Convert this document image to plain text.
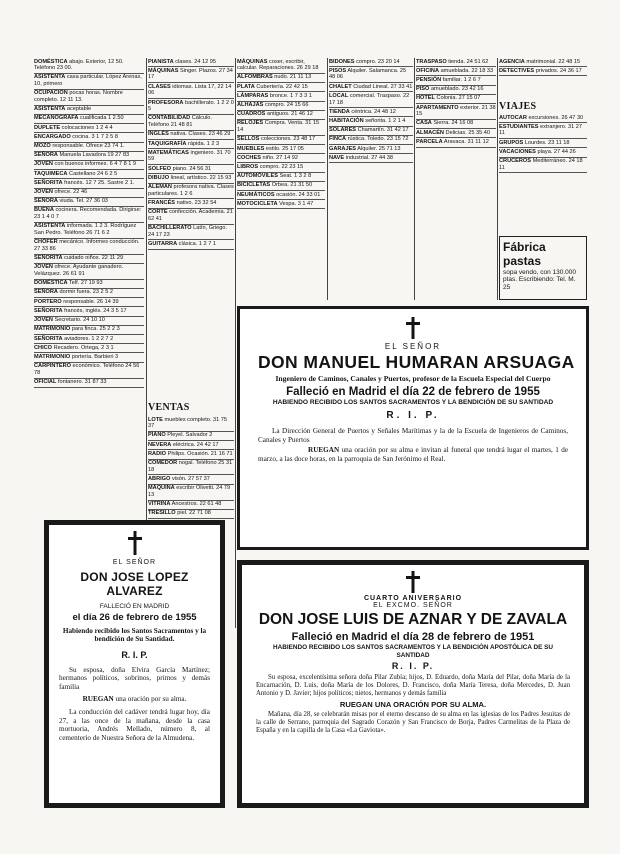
DOMÉSTICA abajo. Exterior, 12 50. Teléfono 23 00.
ASISTENTA casa particular. López Arenas, 10, primero
OCUPACIÓN pocas horas. Nombre completo. 12 11 13.
ASISTENTA aceptable
MECANÓGRAFA cualificada 1 2.50
DUPLETE colocaciones 1 2 4 4
ENCARGADO cocina. 3 1 7 2 5 8
MOZO responsable. Ofrece 23 74 1.
SEÑORA Manuela Lavadora 19 27 83
JOVEN con buenos informes. 6 4 7 8 1 9
TAQUIMECA Castellano 24 6 2 5
SEÑORITA francés. 12 7 25. Sastre 2 1.
JOVEN ofrece. 22 46
SEÑORA viuda. Tel. 27 36 03
BUENA cocinera. Recomendada. Dirigirse: 23 1 4 0 7
ASISTENTA informada. 1 2 3. Rodríguez San Pedro. Teléfono 26 71 6 2
CHÓFER mecánico. Informes conducción. 27 33 86
SEÑORITA cuidado niños. 22 11 29
JOVEN ofrece. Ayudante ganadero. Velázquez. 26 61 91
DOMÉSTICA Telf. 27 19 93
SEÑORA dormir fuera. 23 2 5 2
PORTERO responsable. 26 14 39
SEÑORITA francés, inglés. 24 3 5 17
JOVEN Secretario. 24 10 10
MATRIMONIO para finca. 25 2 2 3
SEÑORITA aviadores. 1 2 2 7 2
CHICO Recadero. Ortega, 2 3 1
MATRIMONIO portería. Barbieri 3
CARPINTERO económico. Teléfono 24 56 78
OFICIAL fontanero. 31 87 33
PIANISTA clases. 24 12 95
MÁQUINAS Singer. Plazos. 27 34 17
CLASES idiomas. Lista 17, 22 14 06
PROFESORA bachillerato. 1 2 2 0 5
CONTABILIDAD Cálculo. Teléfono 21 48 81
INGLÉS nativa. Clases. 23 46 29
TAQUIGRAFÍA rápida. 1 2 3
MATEMÁTICAS ingeniero. 31 70 59
SOLFEO piano. 24 56 31
DIBUJO lineal, artístico. 22 15 93
ALEMÁN profesora nativa. Clases particulares. 1 2 6
FRANCÉS nativo. 23 32 54
CORTE confección. Academia. 21 62 41
BACHILLERATO Latín, Griego. 24 17 23
GUITARRA clásica. 1 2 7 1
VENTAS
LOTE muebles completo. 31 75 37
PIANO Pleyel. Salvador 2
NEVERA eléctrica. 24 42 17
RADIO Philips. Ocasión. 21 16 71
COMEDOR nogal. Teléfono 25 31 18
ABRIGO visón. 27 57 37
MÁQUINA escribir Olivetti. 24 79 13
VITRINA Ancestros. 22 61 48
TRESILLO piel. 22 71 08
MÁQUINAS coser, escribir, calcular. Reparaciones. 26 29 18
ALFOMBRAS nudo. 21 11 13
PLATA Cubertería. 22 42 15
LÁMPARAS bronce. 1 7 3 3 1
ALHAJAS compro. 24 15 66
CUADROS antiguos. 21 46 12
RELOJES Compra. Venta. 31 15 14
SELLOS colecciones. 23 48 17
MUEBLES estilo. 25 17 05
COCHES niño. 27 14 92
LIBROS compro. 22 23 15
AUTOMÓVILES Seat. 1 3 2 8
BICICLETAS Orbea. 21 31 50
NEUMÁTICOS ocasión. 24 33 01
MOTOCICLETA Vespa. 3 1 47
BIDONES compro. 23 20 14
PISOS Alquiler. Salamanca. 25 48 06
CHALET Ciudad Lineal. 27 33 41
LOCAL comercial. Traspaso. 22 17 18
TIENDA céntrica. 24 48 12
HABITACIÓN señorita. 1 2 1 4
SOLARES Chamartín. 31 42 17
FINCA rústica. Toledo. 23 15 72
GARAJES Alquiler. 25 71 13
NAVE industrial. 27 44 38
TRASPASO tienda. 24 51 62
OFICINA amueblada. 22 18 33
PENSIÓN familiar. 1 2 6 7
PISO amueblado. 23 42 16
HOTEL Colonia. 27 15 07
APARTAMENTO exterior. 21 38 15
CASA Sierra. 24 16 08
ALMACÉN Delicias. 25 35 40
PARCELA Aravaca. 31 11 12
AGENCIA matrimonial. 22 48 15
DETECTIVES privados. 24 36 17
VIAJES
AUTOCAR excursiones. 26 47 30
ESTUDIANTES extranjero. 31 27 11
GRUPOS Lourdes. 23 11 18
VACACIONES playa. 27 44 26
CRUCEROS Mediterráneo. 24 18 11
Fábrica pastas
sopa vendo, con 130.000 ptas. Escribiendo: Tel. M. 25
EL SEÑOR
DON MANUEL HUMARAN ARSUAGA
Ingeniero de Caminos, Canales y Puertos, profesor de la Escuela Especial del Cuerpo
Falleció en Madrid el día 22 de febrero de 1955
HABIENDO RECIBIDO LOS SANTOS SACRAMENTOS Y LA BENDICIÓN DE SU SANTIDAD
R. I. P.
La Dirección General de Puertos y Señales Marítimas y la de la Escuela de Ingenieros de Caminos, Canales y Puertos
RUEGAN una oración por su alma e invitan al funeral que tendrá lugar el martes, 1 de marzo, a las doce horas, en la parroquia de San Jerónimo el Real.
EL SEÑOR
DON JOSE LOPEZ ALVAREZ
FALLECIÓ EN MADRID
el día 26 de febrero de 1955
Habiendo recibido los Santos Sacramentos y la bendición de Su Santidad.
R. I. P.
Su esposa, doña Elvira García Martínez; hermanos políticos, sobrinos, primos y demás familia
RUEGAN una oración por su alma.
La conducción del cadáver tendrá lugar hoy, día 27, a las once de la mañana, desde la casa mortuoria, Andrés Mellado, número 8, al cementerio de Nuestra Señora de la Almudena.
CUARTO ANIVERSARIO
EL EXCMO. SEÑOR
DON JOSE LUIS DE AZNAR Y DE ZAVALA
Falleció en Madrid el día 28 de febrero de 1951
HABIENDO RECIBIDO LOS SANTOS SACRAMENTOS Y LA BENDICIÓN APOSTÓLICA DE SU SANTIDAD
R. I. P.
Su esposa, excelentísima señora doña Pilar Zubía; hijos, D. Eduardo, doña María del Pilar, doña María de la Encarnación, D. Luis, doña María de los Dolores, D. Francisco, doña María Teresa, doña Mercedes, D. Juan Antonio y D. Javier; hijos políticos; nietos, hermanos y demás familia
RUEGAN UNA ORACIÓN POR SU ALMA.
Mañana, día 28, se celebrarán misas por el eterno descanso de su alma en las iglesias de los Padres Jesuitas de la calle de Serrano, parroquia del Sagrado Corazón y San Francisco de Borja, Padres Carmelitas de la Plaza de España y en la capilla de la Casa «La Gaviota».
